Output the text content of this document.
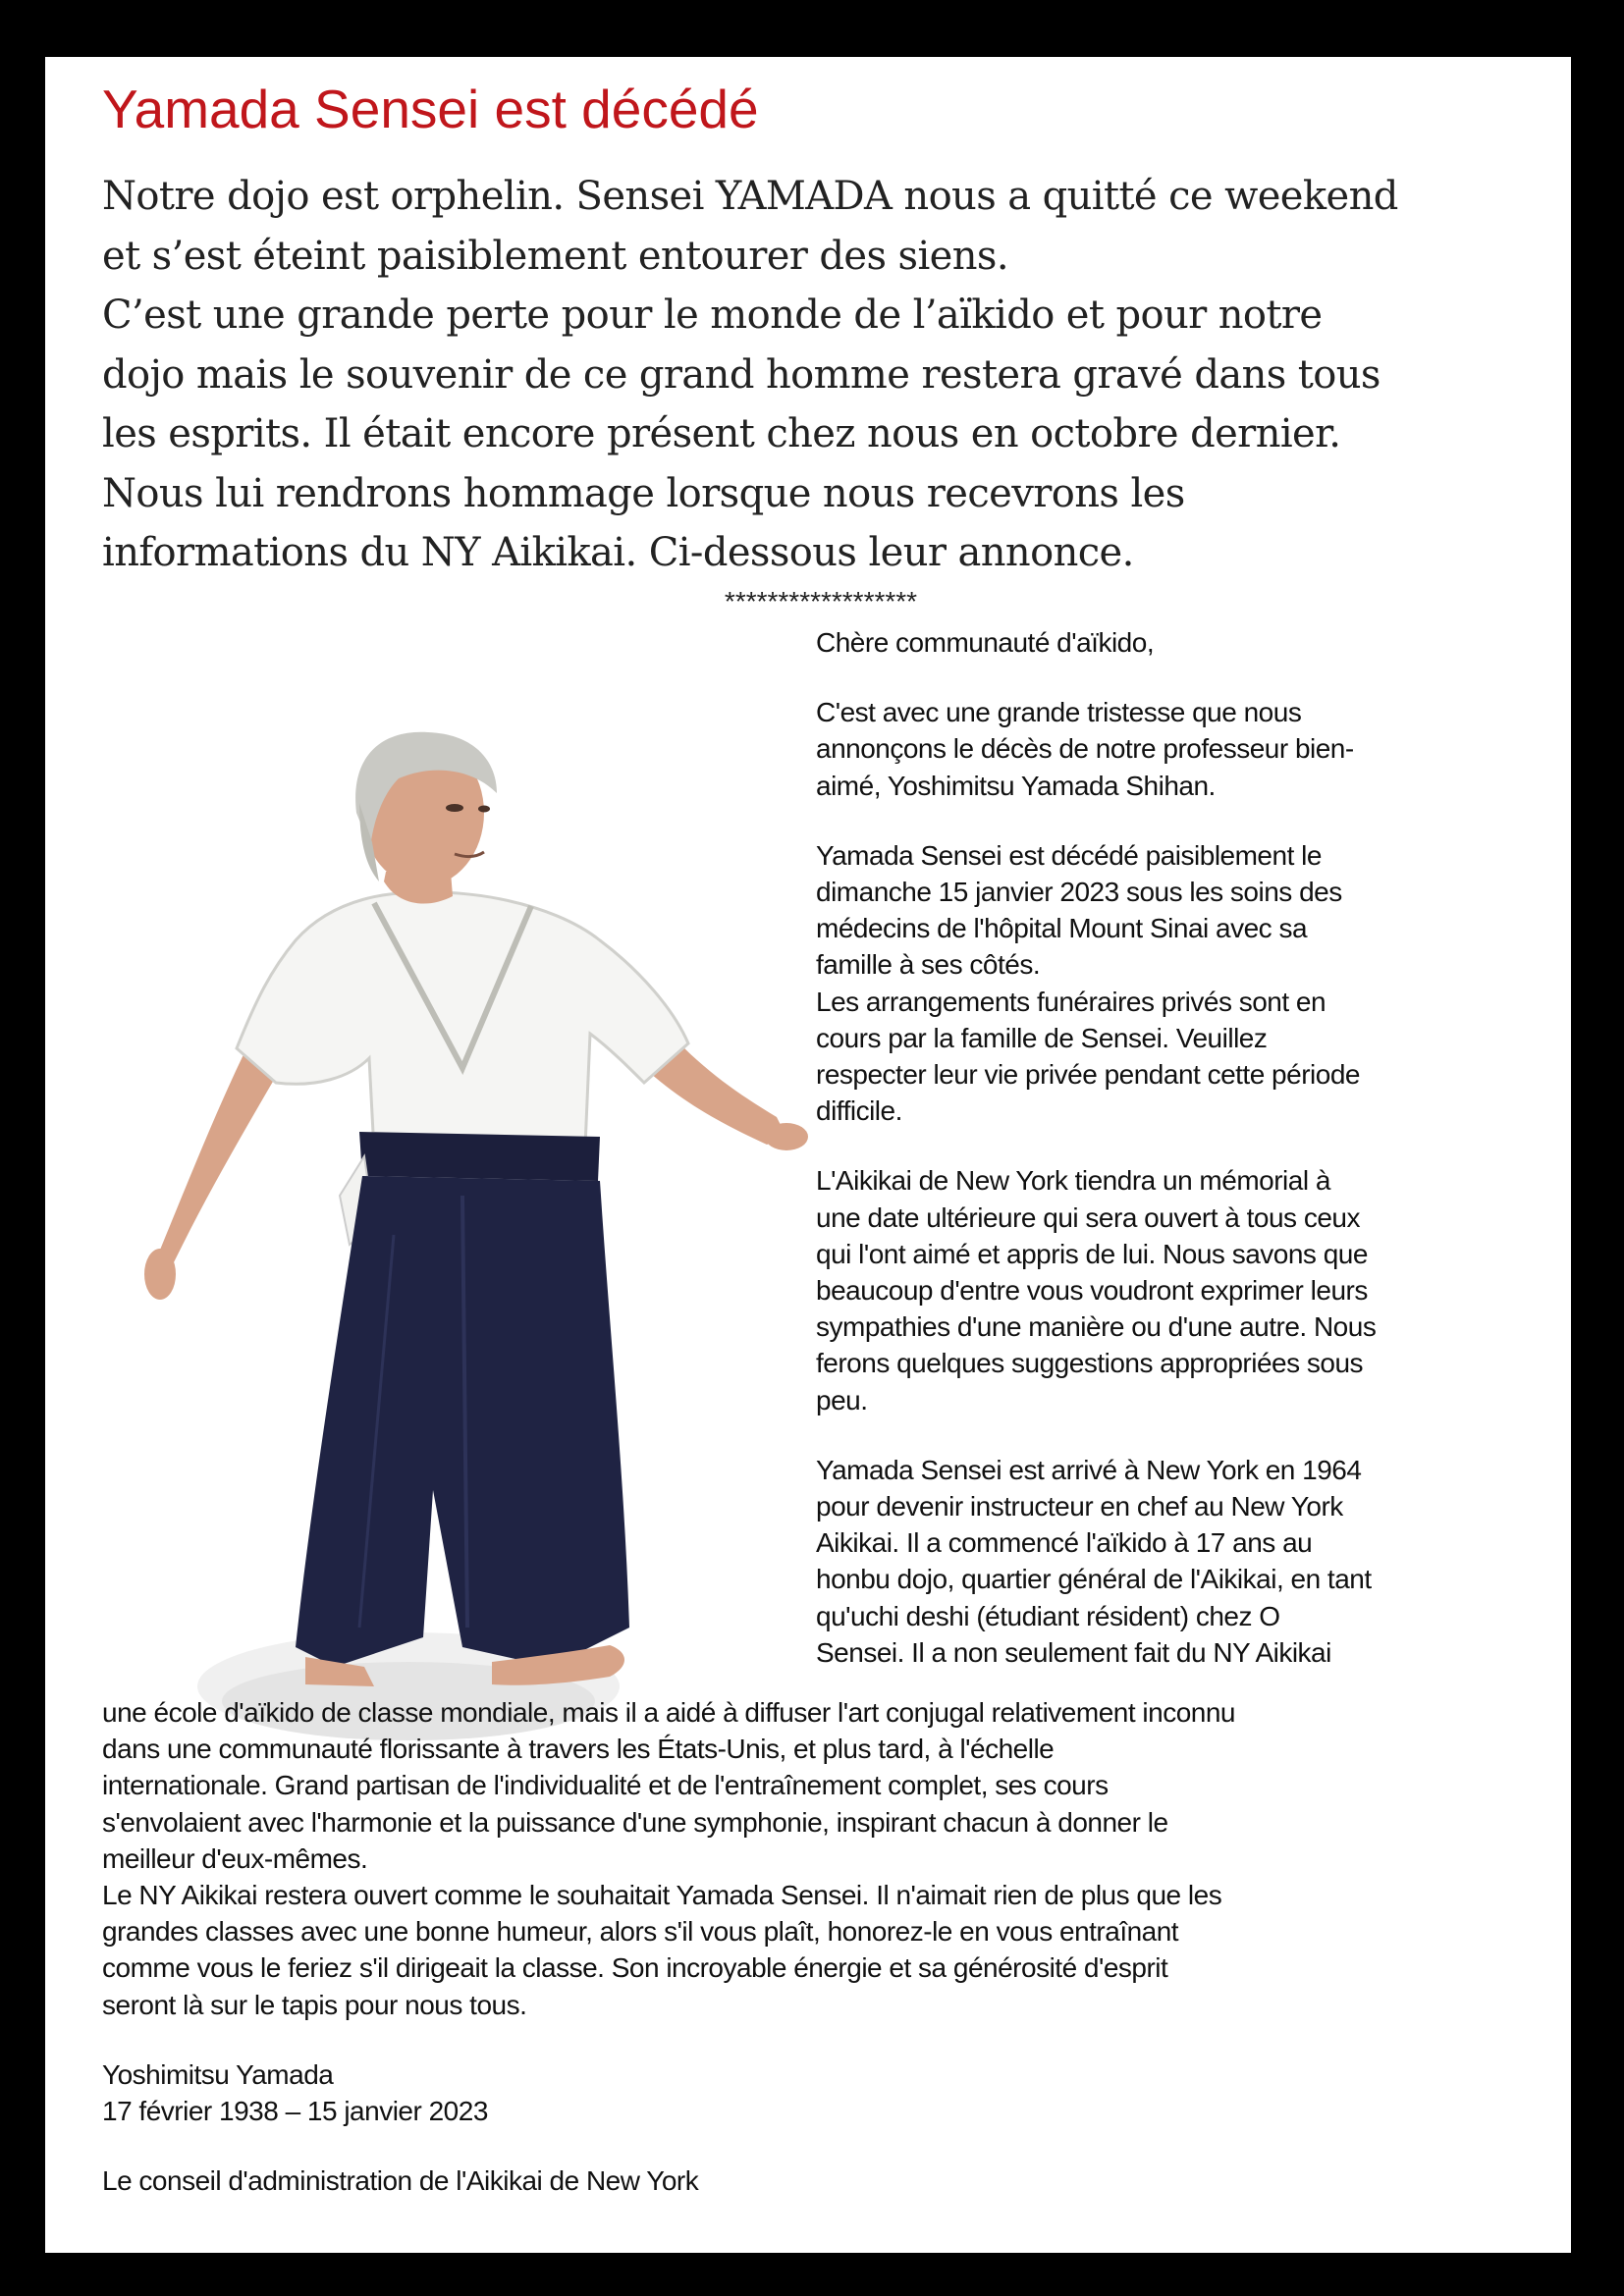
Yamada Sensei est décédé
Notre dojo est orphelin. Sensei YAMADA nous a quitté ce weekend
et s’est éteint paisiblement entourer des siens.
C’est une grande perte pour le monde de l’aïkido et pour notre
dojo mais le souvenir de ce grand homme restera gravé dans tous
les esprits. Il était encore présent chez nous en octobre dernier.
Nous lui rendrons hommage lorsque nous recevrons les
informations du NY Aikikai. Ci-dessous leur annonce.
******************

Chère communauté d'aïkido,

C'est avec une grande tristesse que nous
annonçons le décès de notre professeur bien-
aimé, Yoshimitsu Yamada Shihan.

Yamada Sensei est décédé paisiblement le
dimanche 15 janvier 2023 sous les soins des
médecins de l'hôpital Mount Sinai avec sa
famille à ses côtés.
Les arrangements funéraires privés sont en
cours par la famille de Sensei. Veuillez
respecter leur vie privée pendant cette période
difficile.

L'Aikikai de New York tiendra un mémorial à
une date ultérieure qui sera ouvert à tous ceux
qui l'ont aimé et appris de lui. Nous savons que
beaucoup d'entre vous voudront exprimer leurs
sympathies d'une manière ou d'une autre. Nous
ferons quelques suggestions appropriées sous
peu.

Yamada Sensei est arrivé à New York en 1964
pour devenir instructeur en chef au New York
Aikikai. Il a commencé l'aïkido à 17 ans au
honbu dojo, quartier général de l'Aikikai, en tant
qu'uchi deshi (étudiant résident) chez O
Sensei. Il a non seulement fait du NY Aikikai

une école d'aïkido de classe mondiale, mais il a aidé à diffuser l'art conjugal relativement inconnu
dans une communauté florissante à travers les États-Unis, et plus tard, à l'échelle
internationale. Grand partisan de l'individualité et de l'entraînement complet, ses cours
s'envolaient avec l'harmonie et la puissance d'une symphonie, inspirant chacun à donner le
meilleur d'eux-mêmes.
Le NY Aikikai restera ouvert comme le souhaitait Yamada Sensei. Il n'aimait rien de plus que les
grandes classes avec une bonne humeur, alors s'il vous plaît, honorez-le en vous entraînant
comme vous le feriez s'il dirigeait la classe. Son incroyable énergie et sa générosité d'esprit
seront là sur le tapis pour nous tous.

Yoshimitsu Yamada
17 février 1938 – 15 janvier 2023

Le conseil d'administration de l'Aikikai de New York
